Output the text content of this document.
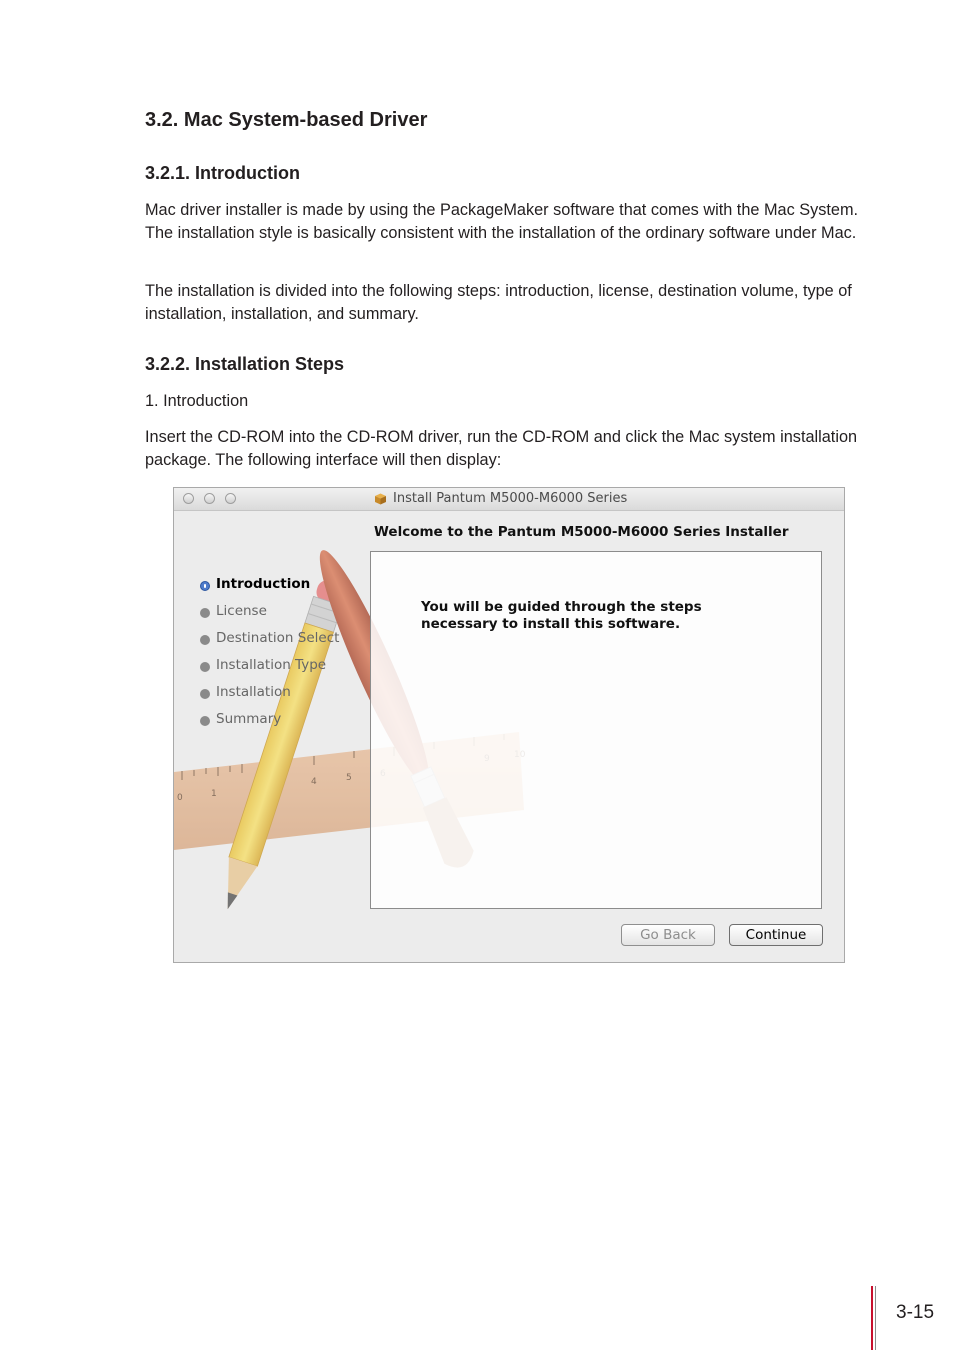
3.2. Mac System-based Driver
3.2.1. Introduction

Mac driver installer is made by using the PackageMaker software that comes with the Mac System. The installation style is basically consistent with the installation of the ordinary software under Mac.

The installation is divided into the following steps: introduction, license, destination volume, type of installation, installation, and summary.

3.2.2. Installation Steps

1. Introduction

Insert the CD-ROM into the CD-ROM driver, run the CD-ROM and click the Mac system installation package. The following interface will then display:

Install Pantum M5000-M6000 Series
0	1
4	5
Introduction
License
Destination Select
Installation Type
Installation
Summary
Welcome to the Pantum M5000-M6000 Series Installer
You will be guided through the steps necessary to install this software.
Go Back	Continue
3-15
